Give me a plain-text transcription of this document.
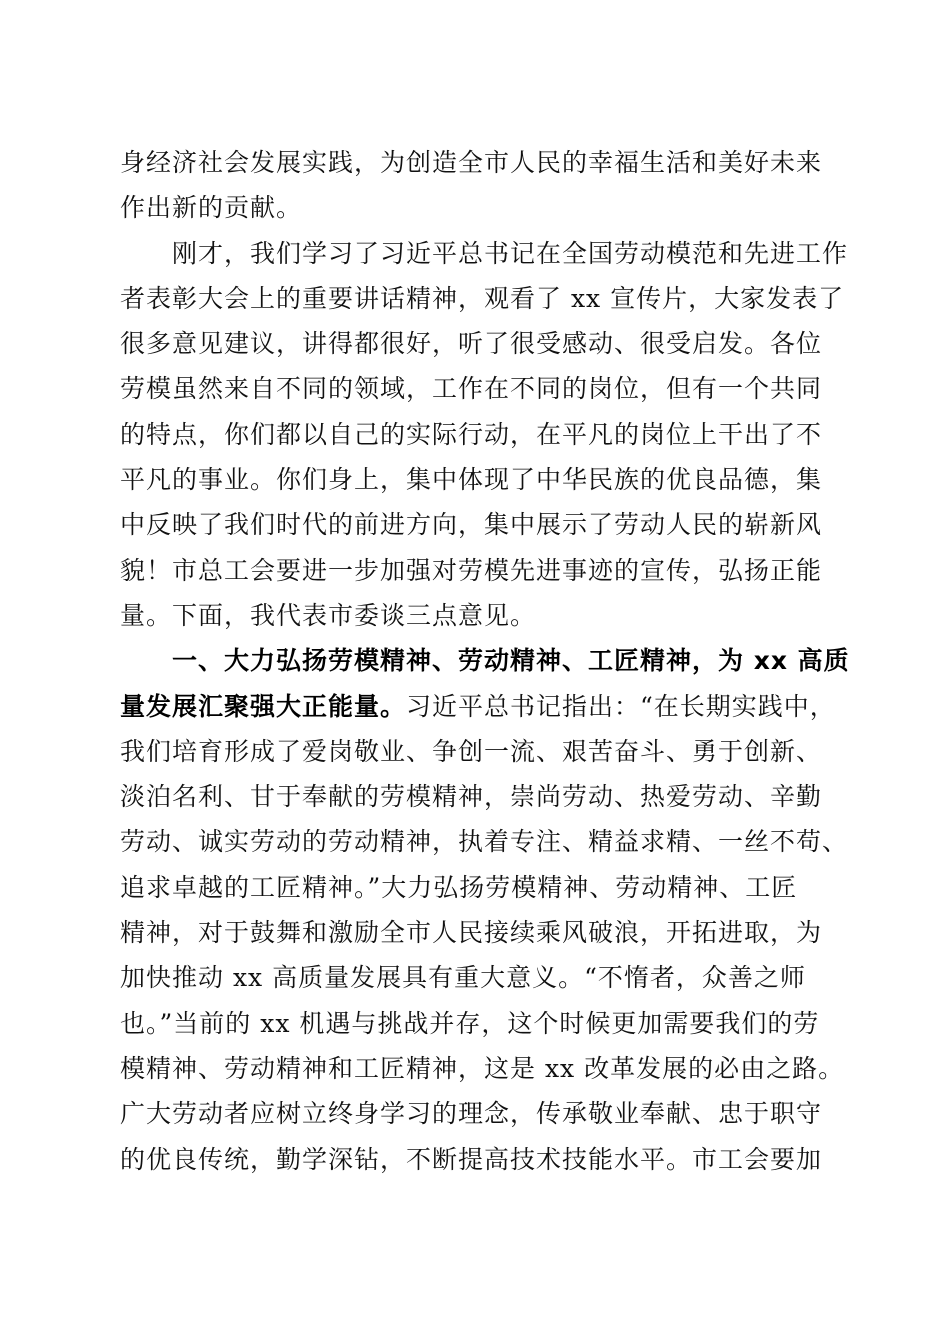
身经济社会发展实践，为创造全市人民的幸福生活和美好未来
作出新的贡献。
刚才，我们学习了习近平总书记在全国劳动模范和先进工作
者表彰大会上的重要讲话精神，观看了 xx 宣传片，大家发表了
很多意见建议，讲得都很好，听了很受感动、很受启发。各位
劳模虽然来自不同的领域，工作在不同的岗位，但有一个共同
的特点，你们都以自己的实际行动，在平凡的岗位上干出了不
平凡的事业。你们身上，集中体现了中华民族的优良品德，集
中反映了我们时代的前进方向，集中展示了劳动人民的崭新风
貌！市总工会要进一步加强对劳模先进事迹的宣传，弘扬正能
量。下面，我代表市委谈三点意见。
一、大力弘扬劳模精神、劳动精神、工匠精神，为 xx 高质
量发展汇聚强大正能量。习近平总书记指出：“在长期实践中，
我们培育形成了爱岗敬业、争创一流、艰苦奋斗、勇于创新、
淡泊名利、甘于奉献的劳模精神，崇尚劳动、热爱劳动、辛勤
劳动、诚实劳动的劳动精神，执着专注、精益求精、一丝不苟、
追求卓越的工匠精神。”大力弘扬劳模精神、劳动精神、工匠
精神，对于鼓舞和激励全市人民接续乘风破浪，开拓进取，为
加快推动 xx 高质量发展具有重大意义。“不惰者，众善之师
也。”当前的 xx 机遇与挑战并存，这个时候更加需要我们的劳
模精神、劳动精神和工匠精神，这是 xx 改革发展的必由之路。
广大劳动者应树立终身学习的理念，传承敬业奉献、忠于职守
的优良传统，勤学深钻，不断提高技术技能水平。市工会要加
